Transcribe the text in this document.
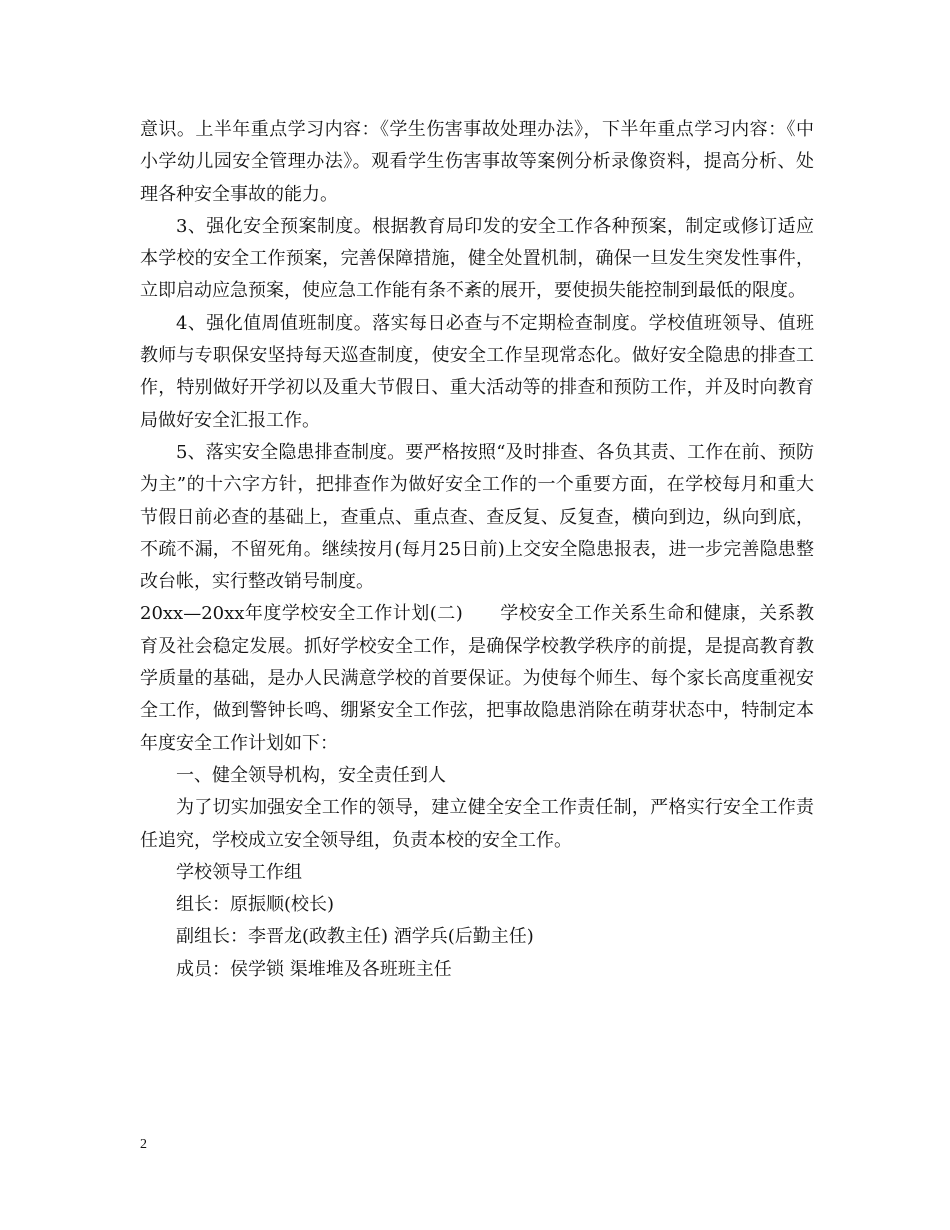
意识。上半年重点学习内容：《学生伤害事故处理办法》，下半年重点学习内容：《中小学幼儿园安全管理办法》。观看学生伤害事故等案例分析录像资料，提高分析、处理各种安全事故的能力。

3、强化安全预案制度。根据教育局印发的安全工作各种预案，制定或修订适应本学校的安全工作预案，完善保障措施，健全处置机制，确保一旦发生突发性事件，立即启动应急预案，使应急工作能有条不紊的展开，要使损失能控制到最低的限度。

4、强化值周值班制度。落实每日必查与不定期检查制度。学校值班领导、值班教师与专职保安坚持每天巡查制度，使安全工作呈现常态化。做好安全隐患的排查工作，特别做好开学初以及重大节假日、重大活动等的排查和预防工作，并及时向教育局做好安全汇报工作。

5、落实安全隐患排查制度。要严格按照“及时排查、各负其责、工作在前、预防为主”的十六字方针，把排查作为做好安全工作的一个重要方面，在学校每月和重大节假日前必查的基础上，查重点、重点查、查反复、反复查，横向到边，纵向到底，不疏不漏，不留死角。继续按月(每月25日前)上交安全隐患报表，进一步完善隐患整改台帐，实行整改销号制度。

20xx—20xx年度学校安全工作计划(二)　　学校安全工作关系生命和健康，关系教育及社会稳定发展。抓好学校安全工作，是确保学校教学秩序的前提，是提高教育教学质量的基础，是办人民满意学校的首要保证。为使每个师生、每个家长高度重视安全工作，做到警钟长鸣、绷紧安全工作弦，把事故隐患消除在萌芽状态中，特制定本年度安全工作计划如下：

一、健全领导机构，安全责任到人

为了切实加强安全工作的领导，建立健全安全工作责任制，严格实行安全工作责任追究，学校成立安全领导组，负责本校的安全工作。

学校领导工作组

组长：原振顺(校长)

副组长：李晋龙(政教主任) 酒学兵(后勤主任)

成员：侯学锁 渠堆堆及各班班主任

2
